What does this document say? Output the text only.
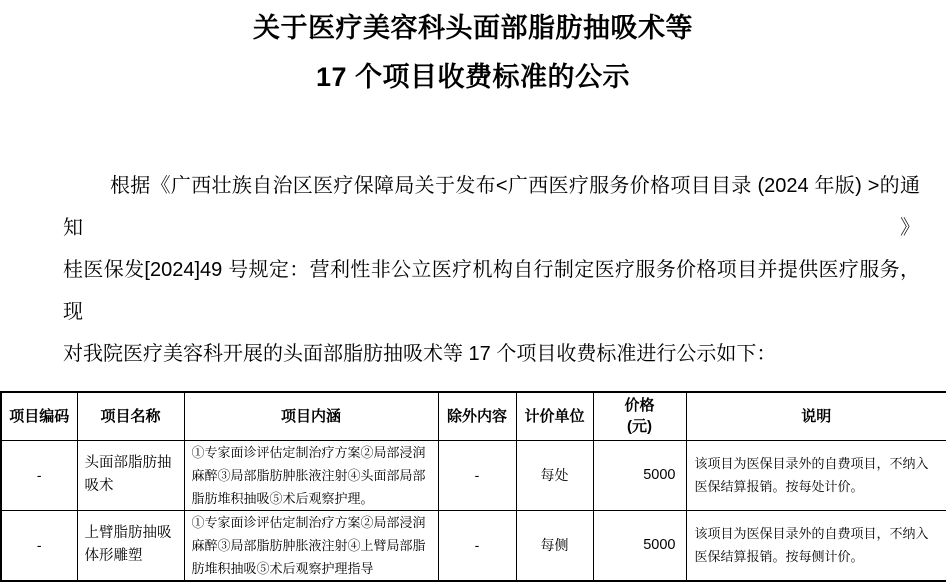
关于医疗美容科头面部脂肪抽吸术等
17 个项目收费标准的公示
根据《广西壮族自治区医疗保障局关于发布<广西医疗服务价格项目目录 (2024 年版) >的通知》
桂医保发[2024]49 号规定：营利性非公立医疗机构自行制定医疗服务价格项目并提供医疗服务，现
对我院医疗美容科开展的头面部脂肪抽吸术等 17 个项目收费标准进行公示如下：
项目编码	项目名称	项目内涵	除外内容	计价单位	价格
(元)	说明
-	头面部脂肪抽吸术	①专家面诊评估定制治疗方案②局部浸润麻醉③局部脂肪肿胀液注射④头面部局部脂肪堆积抽吸⑤术后观察护理。	-	每处	5000	该项目为医保目录外的自费项目，不纳入医保结算报销。按每处计价。
-	上臂脂肪抽吸体形雕塑	①专家面诊评估定制治疗方案②局部浸润麻醉③局部脂肪肿胀液注射④上臂局部脂肪堆积抽吸⑤术后观察护理指导	-	每侧	5000	该项目为医保目录外的自费项目，不纳入医保结算报销。按每侧计价。
